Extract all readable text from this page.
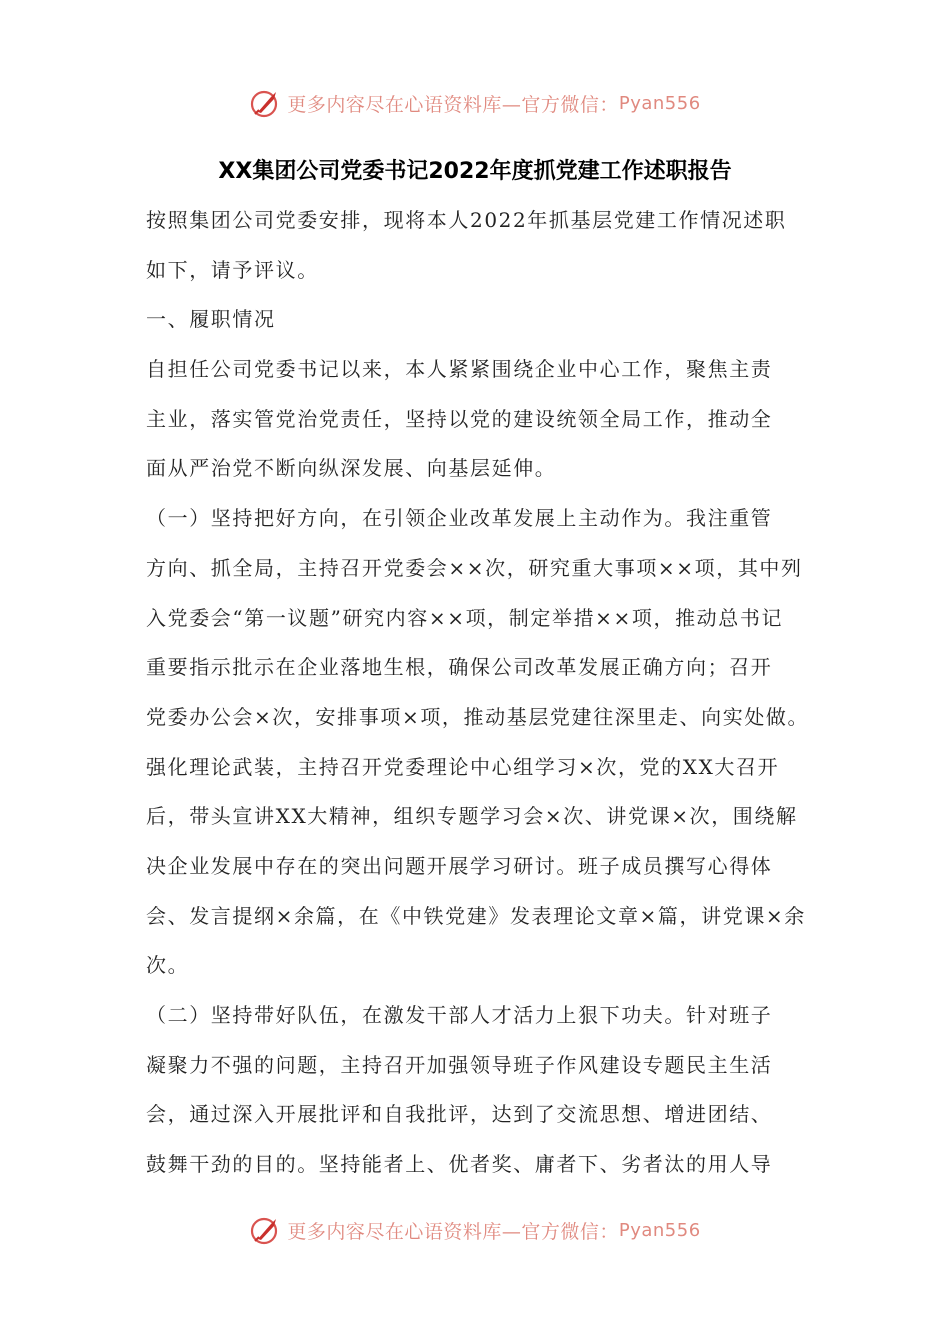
更多内容尽在心语资料库—官方微信： Pyan556
XX集团公司党委书记2022年度抓党建工作述职报告
按照集团公司党委安排，现将本人2022年抓基层党建工作情况述职
如下，请予评议。
一、履职情况
自担任公司党委书记以来，本人紧紧围绕企业中心工作，聚焦主责
主业，落实管党治党责任，坚持以党的建设统领全局工作，推动全
面从严治党不断向纵深发展、向基层延伸。
（一）坚持把好方向，在引领企业改革发展上主动作为。我注重管
方向、抓全局，主持召开党委会××次，研究重大事项××项，其中列
入党委会“第一议题”研究内容××项，制定举措××项，推动总书记
重要指示批示在企业落地生根，确保公司改革发展正确方向；召开
党委办公会×次，安排事项×项，推动基层党建往深里走、向实处做。
强化理论武装，主持召开党委理论中心组学习×次，党的XX大召开
后，带头宣讲XX大精神，组织专题学习会×次、讲党课×次，围绕解
决企业发展中存在的突出问题开展学习研讨。班子成员撰写心得体
会、发言提纲×余篇，在《中铁党建》发表理论文章×篇，讲党课×余
次。
（二）坚持带好队伍，在激发干部人才活力上狠下功夫。针对班子
凝聚力不强的问题，主持召开加强领导班子作风建设专题民主生活
会，通过深入开展批评和自我批评，达到了交流思想、增进团结、
鼓舞干劲的目的。坚持能者上、优者奖、庸者下、劣者汰的用人导
更多内容尽在心语资料库—官方微信： Pyan556
